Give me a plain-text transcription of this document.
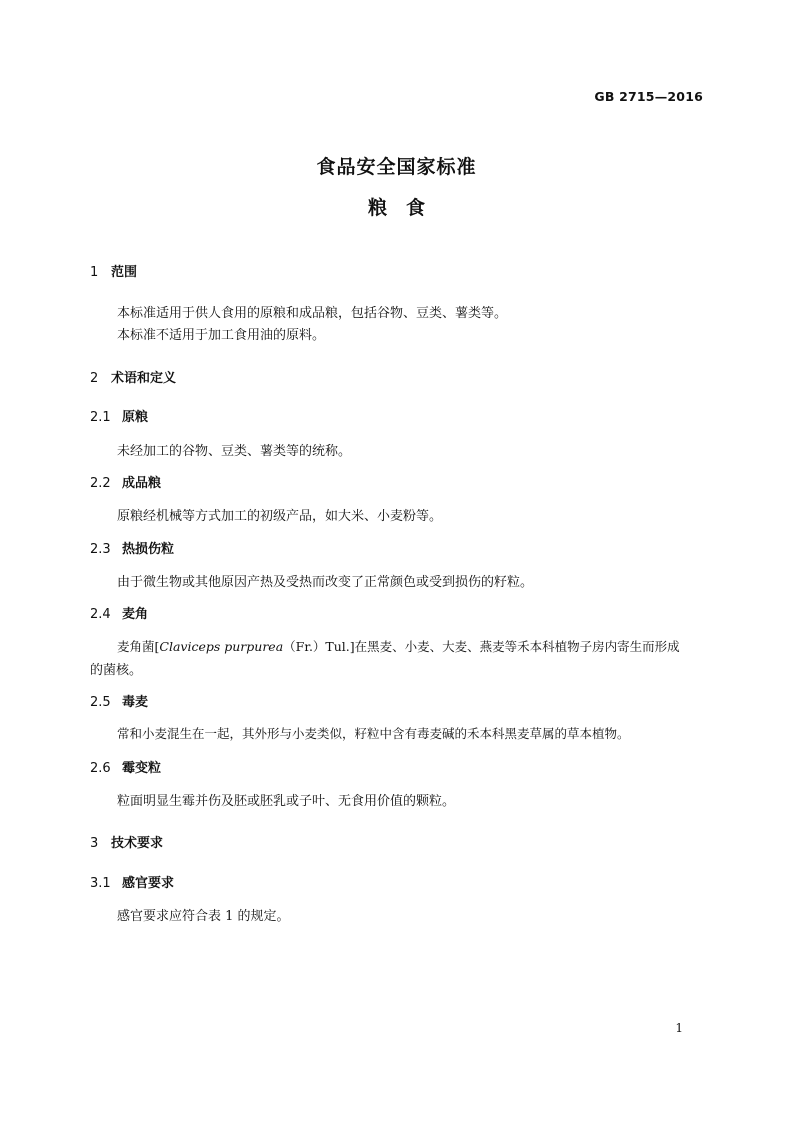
GB 2715—2016
食品安全国家标准
粮  食
1 范围
本标准适用于供人食用的原粮和成品粮，包括谷物、豆类、薯类等。
本标准不适用于加工食用油的原料。
2 术语和定义
2.1 原粮
未经加工的谷物、豆类、薯类等的统称。
2.2 成品粮
原粮经机械等方式加工的初级产品，如大米、小麦粉等。
2.3 热损伤粒
由于微生物或其他原因产热及受热而改变了正常颜色或受到损伤的籽粒。
2.4 麦角
麦角菌[Claviceps purpurea（Fr.）Tul.]在黑麦、小麦、大麦、燕麦等禾本科植物子房内寄生而形成
的菌核。
2.5 毒麦
常和小麦混生在一起，其外形与小麦类似，籽粒中含有毒麦碱的禾本科黑麦草属的草本植物。
2.6 霉变粒
粒面明显生霉并伤及胚或胚乳或子叶、无食用价值的颗粒。
3 技术要求
3.1 感官要求
感官要求应符合表 1 的规定。
1
